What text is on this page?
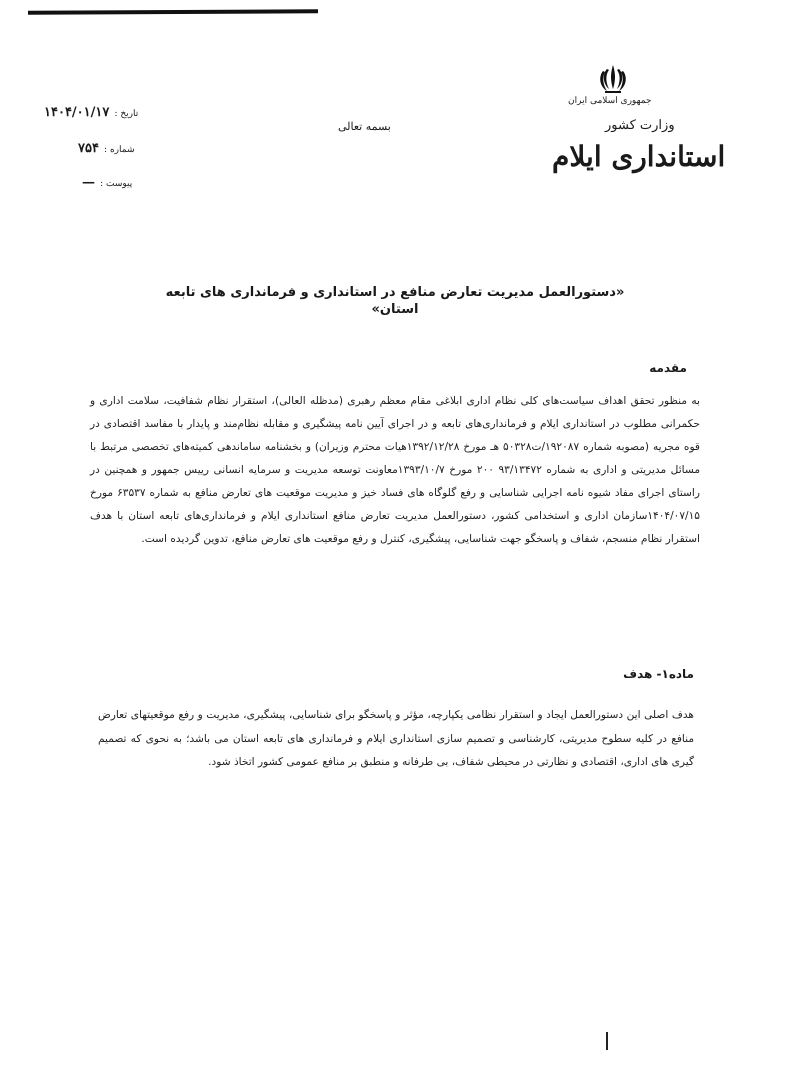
جمهوری اسلامی ایران
وزارت کشور
استانداری ایلام
بسمه تعالی
تاریخ : ۱۴۰۴/۰۱/۱۷
شماره : ۷۵۴
پیوست : —
«دستورالعمل مدیریت تعارض منافع در استانداری و فرمانداری های تابعه استان»
مقدمه
به منظور تحقق اهداف سیاست‌های کلی نظام اداری ابلاغی مقام معظم رهبری (مدظله العالی)، استقرار نظام شفافیت، سلامت اداری و حکمرانی مطلوب در استانداری ایلام و فرمانداری‌های تابعه و در اجرای آیین نامه پیشگیری و مقابله نظام‌مند و پایدار با مفاسد اقتصادی در قوه مجریه (مصوبه شماره ۱۹۲۰۸۷/ت۵۰۳۲۸ هـ مورخ ۱۳۹۲/۱۲/۲۸هیات محترم وزیران) و بخشنامه ساماندهی کمیته‌های تخصصی مرتبط با مسائل مدیریتی و اداری به شماره ۹۳/۱۳۴۷۲ ۲۰۰ مورخ ۱۳۹۳/۱۰/۷معاونت توسعه مدیریت و سرمایه انسانی رییس جمهور و همچنین در راستای اجرای مفاد شیوه نامه اجرایی شناسایی و رفع گلوگاه های فساد خیز و مدیریت موقعیت های تعارض منافع به شماره ۶۳۵۳۷ مورخ ۱۴۰۴/۰۷/۱۵سازمان اداری و استخدامی کشور، دستورالعمل مدیریت تعارض منافع استانداری ایلام و فرمانداری‌های تابعه استان با هدف استقرار نظام منسجم، شفاف و پاسخگو جهت شناسایی، پیشگیری، کنترل و رفع موقعیت های تعارض منافع، تدوین گردیده است.
ماده۱- هدف
هدف اصلی این دستورالعمل ایجاد و استقرار نظامی یکپارچه، مؤثر و پاسخگو برای شناسایی، پیشگیری، مدیریت و رفع موقعیتهای تعارض منافع در کلیه سطوح مدیریتی، کارشناسی و تصمیم سازی استانداری ایلام و فرمانداری های تابعه استان می باشد؛ به نحوی که تصمیم گیری های اداری، اقتصادی و نظارتی در محیطی شفاف، بی طرفانه و منطبق بر منافع عمومی کشور اتخاذ شود.
